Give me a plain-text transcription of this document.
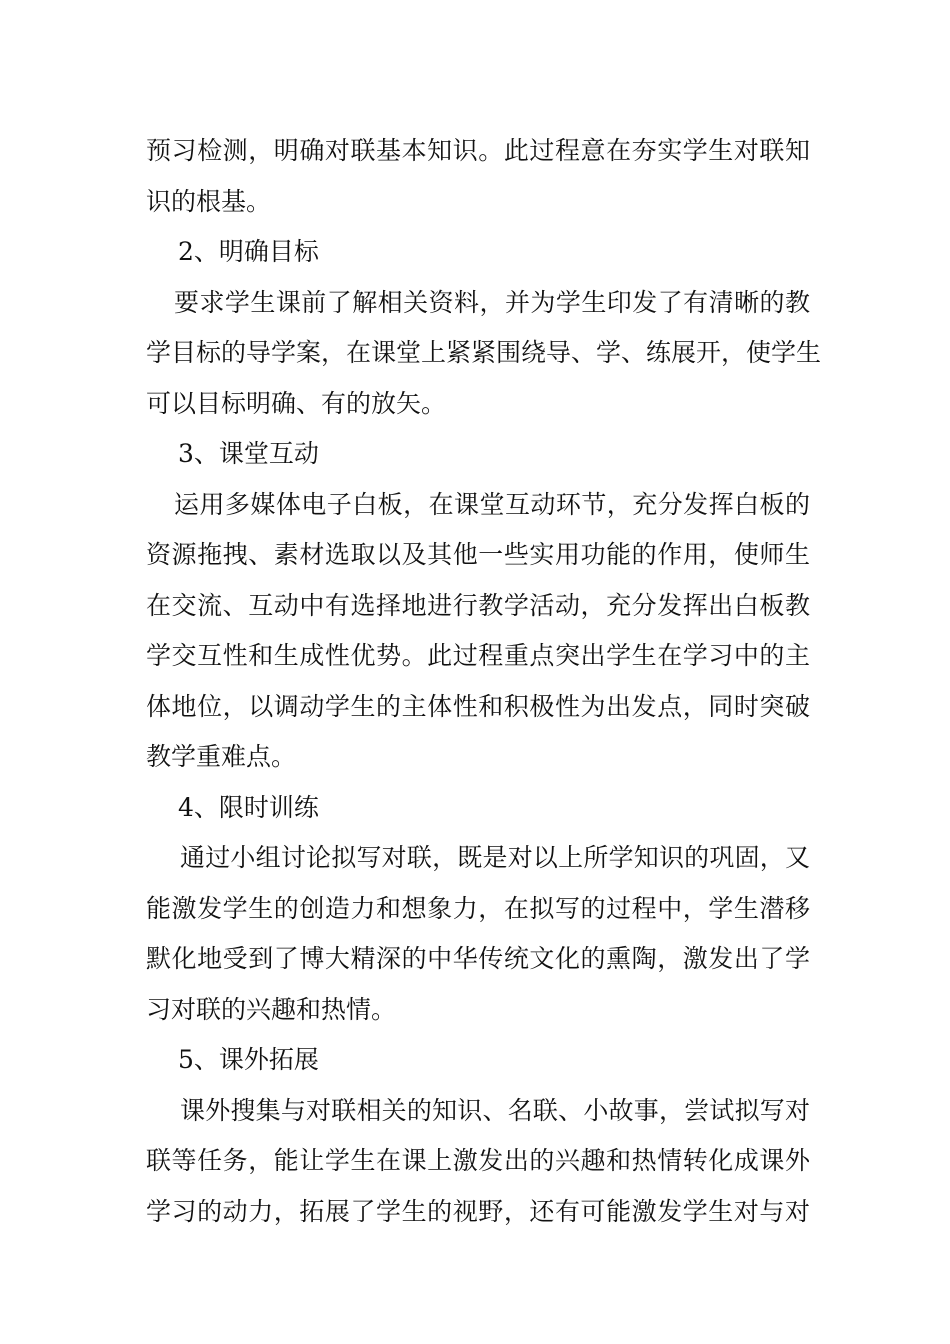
预习检测，明确对联基本知识。此过程意在夯实学生对联知
识的根基。
2、明确目标
要求学生课前了解相关资料，并为学生印发了有清晰的教
学目标的导学案，在课堂上紧紧围绕导、学、练展开，使学生
可以目标明确、有的放矢。
3、课堂互动
运用多媒体电子白板，在课堂互动环节，充分发挥白板的
资源拖拽、素材选取以及其他一些实用功能的作用，使师生
在交流、互动中有选择地进行教学活动，充分发挥出白板教
学交互性和生成性优势。此过程重点突出学生在学习中的主
体地位，以调动学生的主体性和积极性为出发点，同时突破
教学重难点。
4、限时训练
通过小组讨论拟写对联，既是对以上所学知识的巩固，又
能激发学生的创造力和想象力，在拟写的过程中，学生潜移
默化地受到了博大精深的中华传统文化的熏陶，激发出了学
习对联的兴趣和热情。
5、课外拓展
课外搜集与对联相关的知识、名联、小故事，尝试拟写对
联等任务，能让学生在课上激发出的兴趣和热情转化成课外
学习的动力，拓展了学生的视野，还有可能激发学生对与对
